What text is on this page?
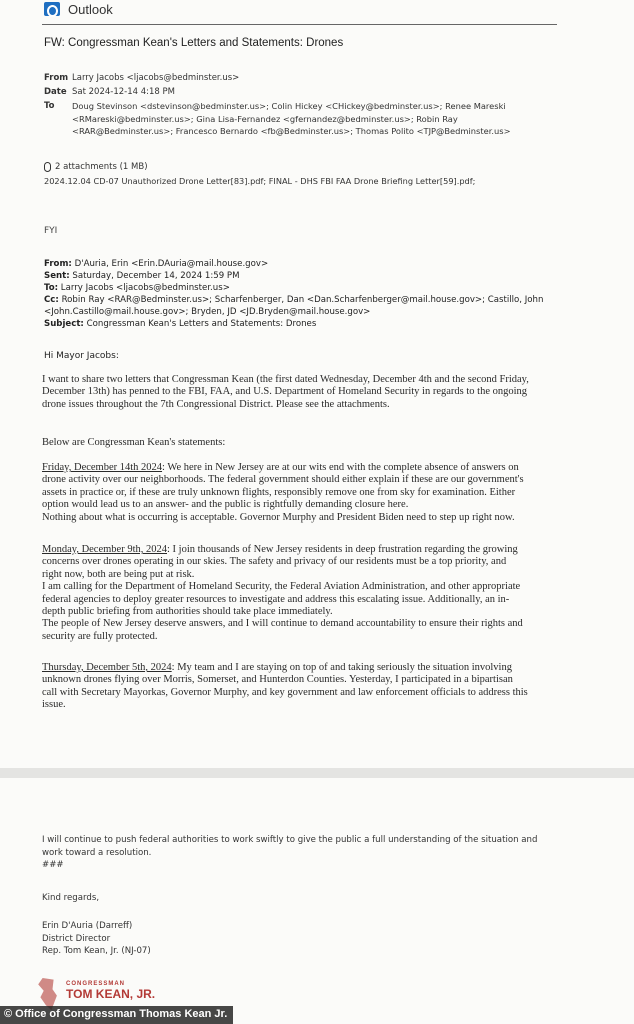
Outlook
FW: Congressman Kean's Letters and Statements: Drones
From Larry Jacobs <ljacobs@bedminster.us>
Date Sat 2024-12-14 4:18 PM
To Doug Stevinson <dstevinson@bedminster.us>; Colin Hickey <CHickey@bedminster.us>; Renee Mareski
<RMareski@bedminster.us>; Gina Lisa-Fernandez <gfernandez@bedminster.us>; Robin Ray
<RAR@Bedminster.us>; Francesco Bernardo <fb@Bedminster.us>; Thomas Polito <TJP@Bedminster.us>
2 attachments (1 MB)
2024.12.04 CD-07 Unauthorized Drone Letter[83].pdf; FINAL - DHS FBI FAA Drone Briefing Letter[59].pdf;
FYI
From: D'Auria, Erin <Erin.DAuria@mail.house.gov>
Sent: Saturday, December 14, 2024 1:59 PM
To: Larry Jacobs <ljacobs@bedminster.us>
Cc: Robin Ray <RAR@Bedminster.us>; Scharfenberger, Dan <Dan.Scharfenberger@mail.house.gov>; Castillo, John
<John.Castillo@mail.house.gov>; Bryden, JD <JD.Bryden@mail.house.gov>
Subject: Congressman Kean's Letters and Statements: Drones
Hi Mayor Jacobs:
I want to share two letters that Congressman Kean (the first dated Wednesday, December 4th and the second Friday,
December 13th) has penned to the FBI, FAA, and U.S. Department of Homeland Security in regards to the ongoing
drone issues throughout the 7th Congressional District. Please see the attachments.
Below are Congressman Kean's statements:
Friday, December 14th 2024: We here in New Jersey are at our wits end with the complete absence of answers on
drone activity over our neighborhoods. The federal government should either explain if these are our government's
assets in practice or, if these are truly unknown flights, responsibly remove one from sky for examination. Either
option would lead us to an answer- and the public is rightfully demanding closure here.
Nothing about what is occurring is acceptable. Governor Murphy and President Biden need to step up right now.
Monday, December 9th, 2024: I join thousands of New Jersey residents in deep frustration regarding the growing
concerns over drones operating in our skies. The safety and privacy of our residents must be a top priority, and
right now, both are being put at risk.
I am calling for the Department of Homeland Security, the Federal Aviation Administration, and other appropriate
federal agencies to deploy greater resources to investigate and address this escalating issue. Additionally, an in-
depth public briefing from authorities should take place immediately.
The people of New Jersey deserve answers, and I will continue to demand accountability to ensure their rights and
security are fully protected.
Thursday, December 5th, 2024: My team and I are staying on top of and taking seriously the situation involving
unknown drones flying over Morris, Somerset, and Hunterdon Counties. Yesterday, I participated in a bipartisan
call with Secretary Mayorkas, Governor Murphy, and key government and law enforcement officials to address this
issue.
I will continue to push federal authorities to work swiftly to give the public a full understanding of the situation and
work toward a resolution.
###
Kind regards,
Erin D'Auria (Darreff)
District Director
Rep. Tom Kean, Jr. (NJ-07)
CONGRESSMAN
TOM KEAN, JR.
© Office of Congressman Thomas Kean Jr.
